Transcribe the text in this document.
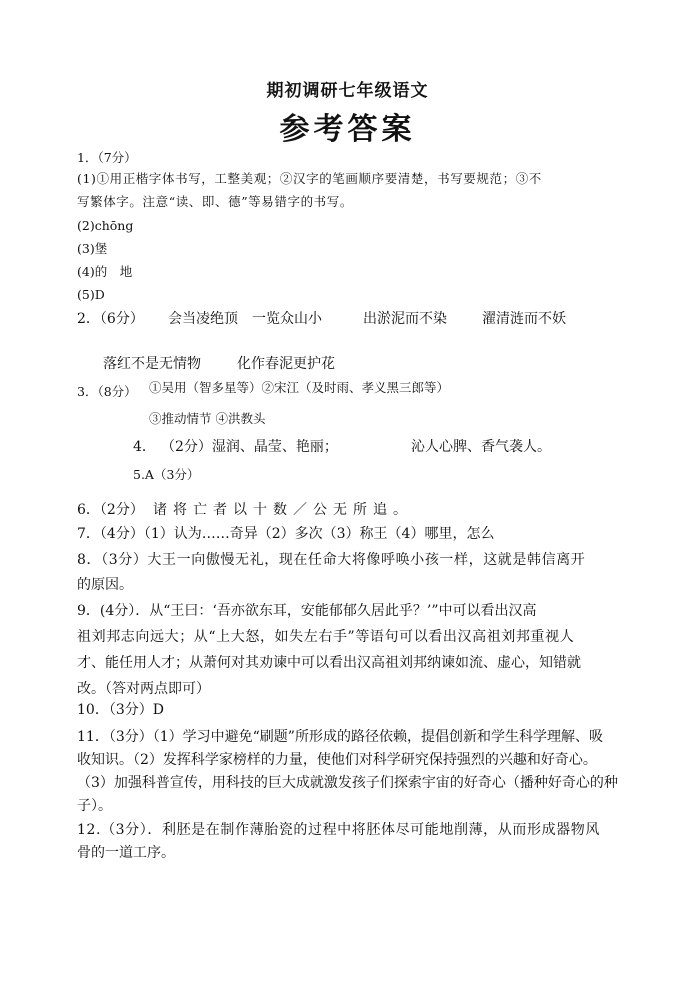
期初调研七年级语文
参考答案
1．（7分）
(1)①用正楷字体书写，工整美观；②汉字的笔画顺序要清楚，书写要规范；③不
写繁体字。注意“读、即、德”等易错字的书写。
(2)chōng
(3)堡
(4)的　地
(5)D
2．（6分） 会当凌绝顶　一览众山小	出淤泥而不染	濯清涟而不妖
落红不是无情物	化作春泥更护花
3．（8分） ①吴用（智多星等）②宋江（及时雨、孝义黑三郎等）
③推动情节 ④洪教头
4． （2分）湿润、晶莹、艳丽；	沁人心脾、香气袭人。
5.A（3分）
6．（2分） 诸将亡者以十数／公无所追。
7．（4分）（1）认为……奇异（2）多次（3）称王（4）哪里，怎么
8．（3分）大王一向傲慢无礼，现在任命大将像呼唤小孩一样，这就是韩信离开
的原因。
9．(4分）．从“王曰：‘吾亦欲东耳，安能郁郁久居此乎？’”中可以看出汉高
祖刘邦志向远大；从“上大怒，如失左右手”等语句可以看出汉高祖刘邦重视人
才、能任用人才；从萧何对其劝谏中可以看出汉高祖刘邦纳谏如流、虚心，知错就
改。（答对两点即可）
10．（3分）D
11．（3分）（1）学习中避免“刷题”所形成的路径依赖，提倡创新和学生科学理解、吸
收知识。（2）发挥科学家榜样的力量，使他们对科学研究保持强烈的兴趣和好奇心。
（3）加强科普宣传，用科技的巨大成就激发孩子们探索宇宙的好奇心（播种好奇心的种
子）。
12.（3分）．利胚是在制作薄胎瓷的过程中将胚体尽可能地削薄，从而形成器物风
骨的一道工序。
